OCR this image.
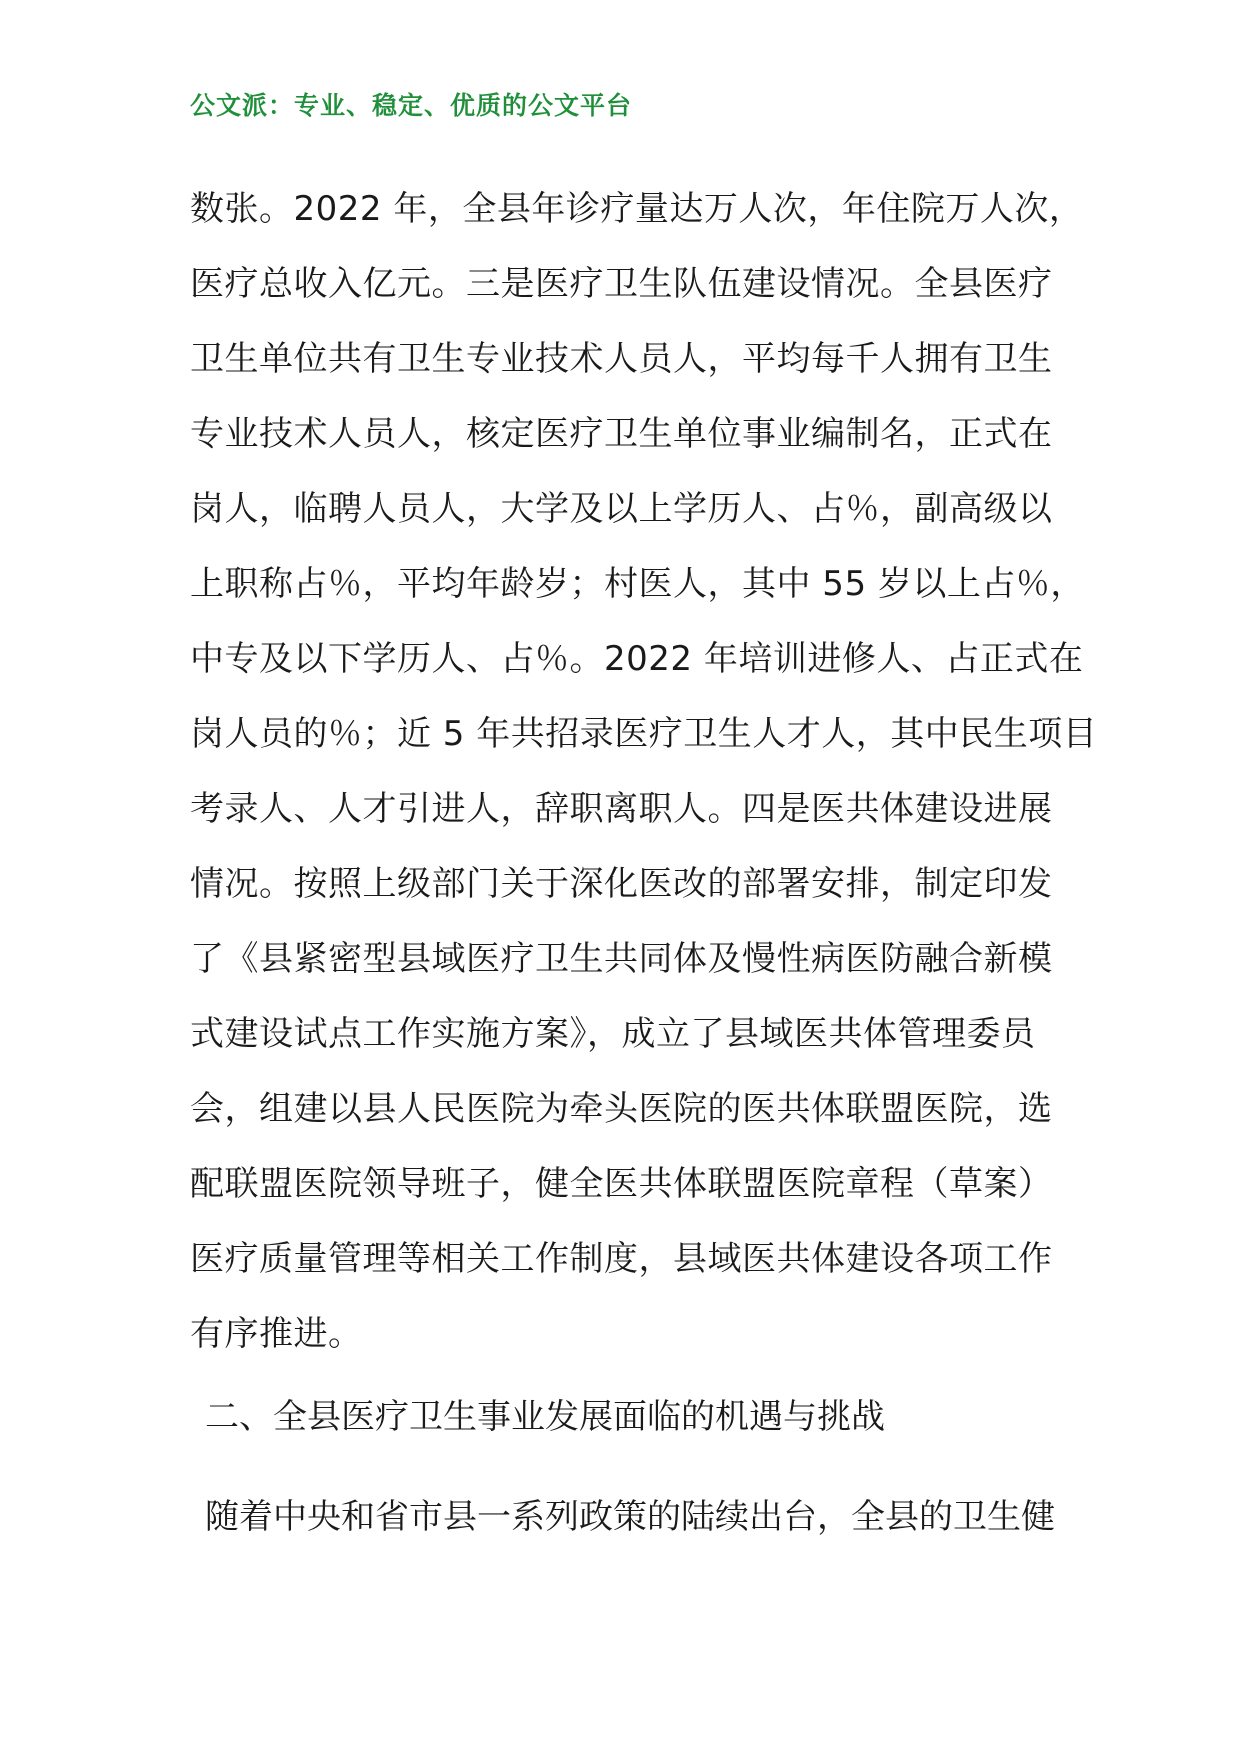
公文派：专业、稳定、优质的公文平台
数张。2022 年，全县年诊疗量达万人次，年住院万人次，
医疗总收入亿元。三是医疗卫生队伍建设情况。全县医疗
卫生单位共有卫生专业技术人员人，平均每千人拥有卫生
专业技术人员人，核定医疗卫生单位事业编制名，正式在
岗人，临聘人员人，大学及以上学历人、占％，副高级以
上职称占％，平均年龄岁；村医人，其中 55 岁以上占％，
中专及以下学历人、占％。2022 年培训进修人、占正式在
岗人员的％；近 5 年共招录医疗卫生人才人，其中民生项目
考录人、人才引进人，辞职离职人。四是医共体建设进展
情况。按照上级部门关于深化医改的部署安排，制定印发
了《县紧密型县域医疗卫生共同体及慢性病医防融合新模
式建设试点工作实施方案》，成立了县域医共体管理委员
会，组建以县人民医院为牵头医院的医共体联盟医院，选
配联盟医院领导班子，健全医共体联盟医院章程（草案）
医疗质量管理等相关工作制度，县域医共体建设各项工作
有序推进。
二、全县医疗卫生事业发展面临的机遇与挑战
随着中央和省市县一系列政策的陆续出台，全县的卫生健
